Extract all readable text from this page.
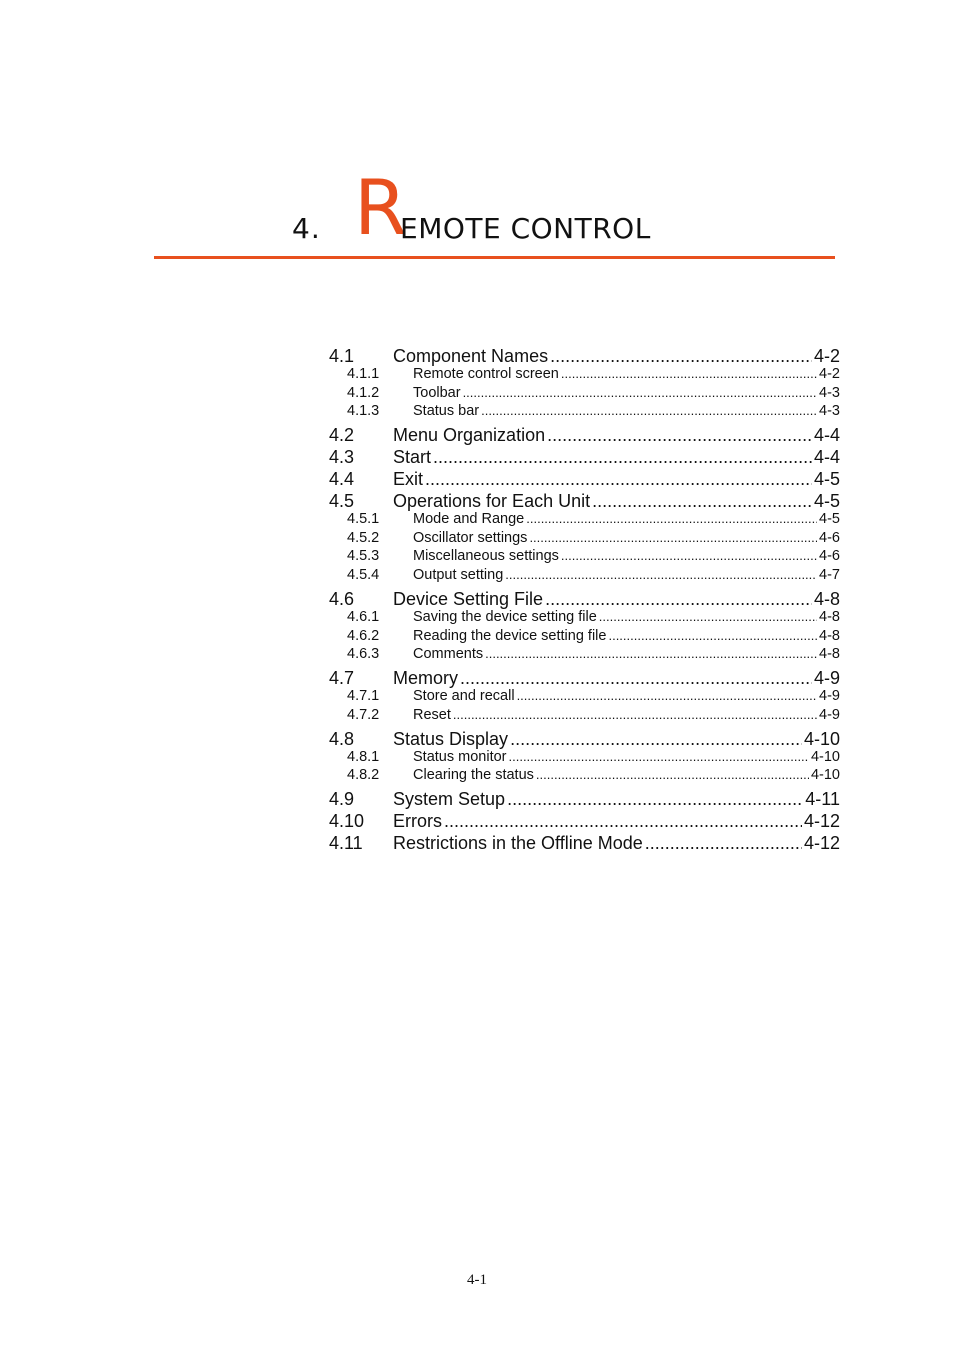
4. R
EMOTE CONTROL
4.1	Component Names .....	4-2
4.1.1	Remote control screen .....	4-2
4.1.2	Toolbar .....	4-3
4.1.3	Status bar .....	4-3
4.2	Menu Organization .....	4-4
4.3	Start .....	4-4
4.4	Exit .....	4-5
4.5	Operations for Each Unit .....	4-5
4.5.1	Mode and Range .....	4-5
4.5.2	Oscillator settings .....	4-6
4.5.3	Miscellaneous settings .....	4-6
4.5.4	Output setting .....	4-7
4.6	Device Setting File .....	4-8
4.6.1	Saving the device setting file .....	4-8
4.6.2	Reading the device setting file .....	4-8
4.6.3	Comments .....	4-8
4.7	Memory .....	4-9
4.7.1	Store and recall .....	4-9
4.7.2	Reset .....	4-9
4.8	Status Display .....	4-10
4.8.1	Status monitor .....	4-10
4.8.2	Clearing the status .....	4-10
4.9	System Setup .....	4-11
4.10	Errors .....	4-12
4.11	Restrictions in the Offline Mode .....	4-12
4-1
